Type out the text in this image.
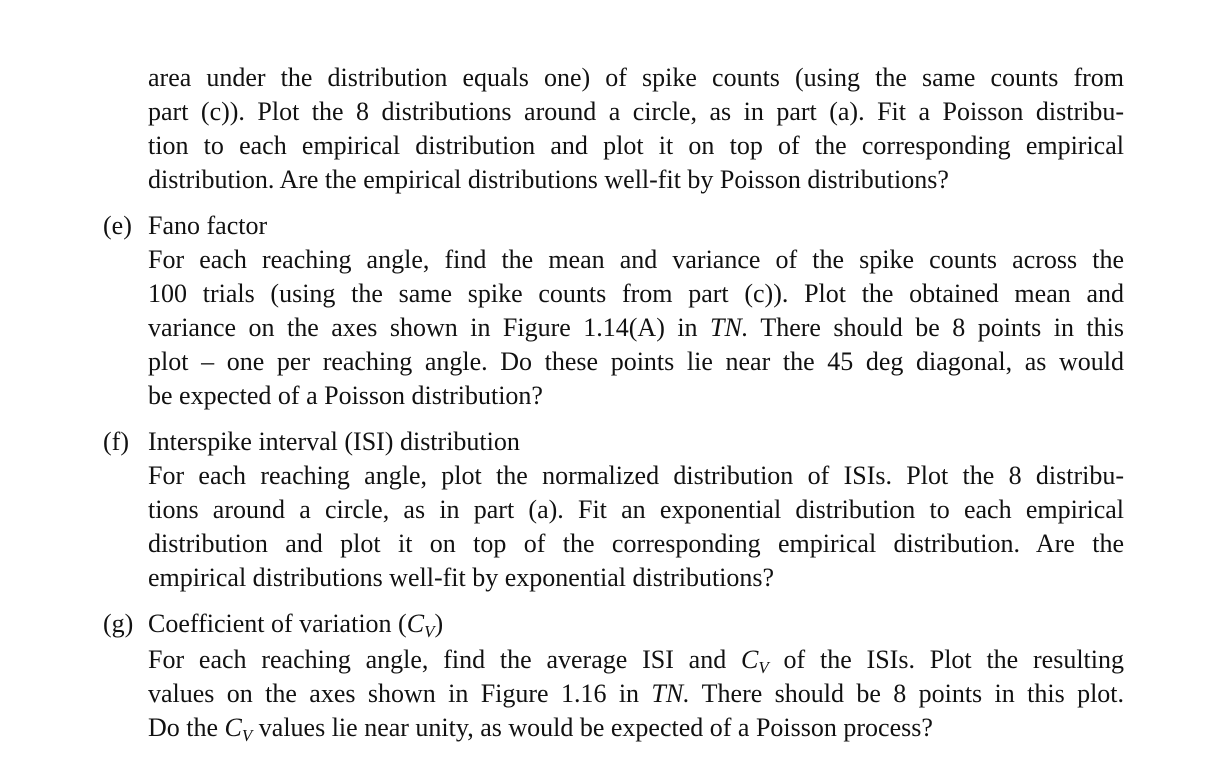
area under the distribution equals one) of spike counts (using the same counts from
part (c)). Plot the 8 distributions around a circle, as in part (a). Fit a Poisson distribu-
tion to each empirical distribution and plot it on top of the corresponding empirical
distribution. Are the empirical distributions well-fit by Poisson distributions?
(e) Fano factor
For each reaching angle, find the mean and variance of the spike counts across the
100 trials (using the same spike counts from part (c)). Plot the obtained mean and
variance on the axes shown in Figure 1.14(A) in TN. There should be 8 points in this
plot – one per reaching angle. Do these points lie near the 45 deg diagonal, as would
be expected of a Poisson distribution?
(f) Interspike interval (ISI) distribution
For each reaching angle, plot the normalized distribution of ISIs. Plot the 8 distribu-
tions around a circle, as in part (a). Fit an exponential distribution to each empirical
distribution and plot it on top of the corresponding empirical distribution. Are the
empirical distributions well-fit by exponential distributions?
(g) Coefficient of variation $(C_V)$
For each reaching angle, find the average ISI and $C_V$ of the ISIs. Plot the resulting
values on the axes shown in Figure 1.16 in TN. There should be 8 points in this plot.
Do the $C_V$ values lie near unity, as would be expected of a Poisson process?
